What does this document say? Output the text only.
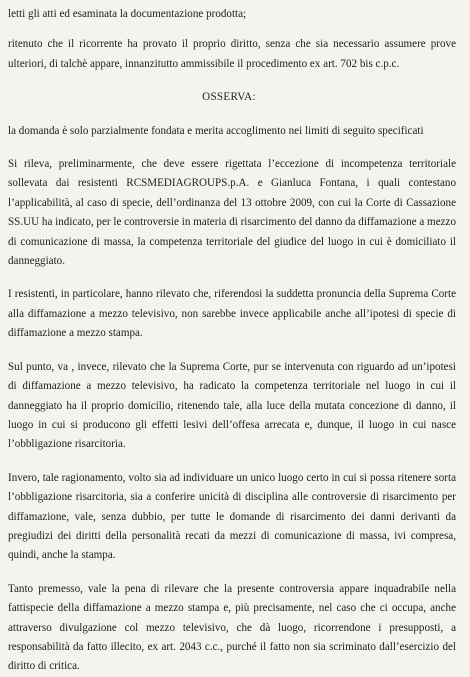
letti gli atti ed esaminata la documentazione prodotta;

ritenuto che il ricorrente ha provato il proprio diritto, senza che sia necessario assumere prove ulteriori, di talchè appare, innanzitutto ammissibile il procedimento ex art. 702 bis c.p.c.

OSSERVA:

la domanda è solo parzialmente fondata e merita accoglimento nei limiti di seguito specificati

Si rileva, preliminarmente, che deve essere rigettata l’eccezione di incompetenza territoriale sollevata dai resistenti RCSMEDIAGROUPS.p.A. e Gianluca Fontana, i quali contestano l’applicabilità, al caso di specie, dell’ordinanza del 13 ottobre 2009, con cui la Corte di Cassazione SS.UU ha indicato, per le controversie in materia di risarcimento del danno da diffamazione a mezzo di comunicazione di massa, la competenza territoriale del giudice del luogo in cui è domiciliato il danneggiato.

I resistenti, in particolare, hanno rilevato che, riferendosi la suddetta pronuncia della Suprema Corte alla diffamazione a mezzo televisivo, non sarebbe invece applicabile anche all’ipotesi di specie di diffamazione a mezzo stampa.

Sul punto, va , invece, rilevato che la Suprema Corte, pur se intervenuta con riguardo ad un’ipotesi di diffamazione a mezzo televisivo, ha radicato la competenza territoriale nel luogo in cui il danneggiato ha il proprio domicilio, ritenendo tale, alla luce della mutata concezione di danno, il luogo in cui si producono gli effetti lesivi dell’offesa arrecata e, dunque, il luogo in cui nasce l’obbligazione risarcitoria.

Invero, tale ragionamento, volto sia ad individuare un unico luogo certo in cui si possa ritenere sorta l’obbligazione risarcitoria, sia a conferire unicità di disciplina alle controversie di risarcimento per diffamazione, vale, senza dubbio, per tutte le domande di risarcimento dei danni derivanti da pregiudizi dei diritti della personalità recati da mezzi di comunicazione di massa, ivi compresa, quindi, anche la stampa.

Tanto premesso, vale la pena di rilevare che la presente controversia appare inquadrabile nella fattispecie della diffamazione a mezzo stampa e, più precisamente, nel caso che ci occupa, anche attraverso divulgazione col mezzo televisivo, che dà luogo, ricorrendone i presupposti, a responsabilità da fatto illecito, ex art. 2043 c.c., purché il fatto non sia scriminato dall’esercizio del diritto di critica.
